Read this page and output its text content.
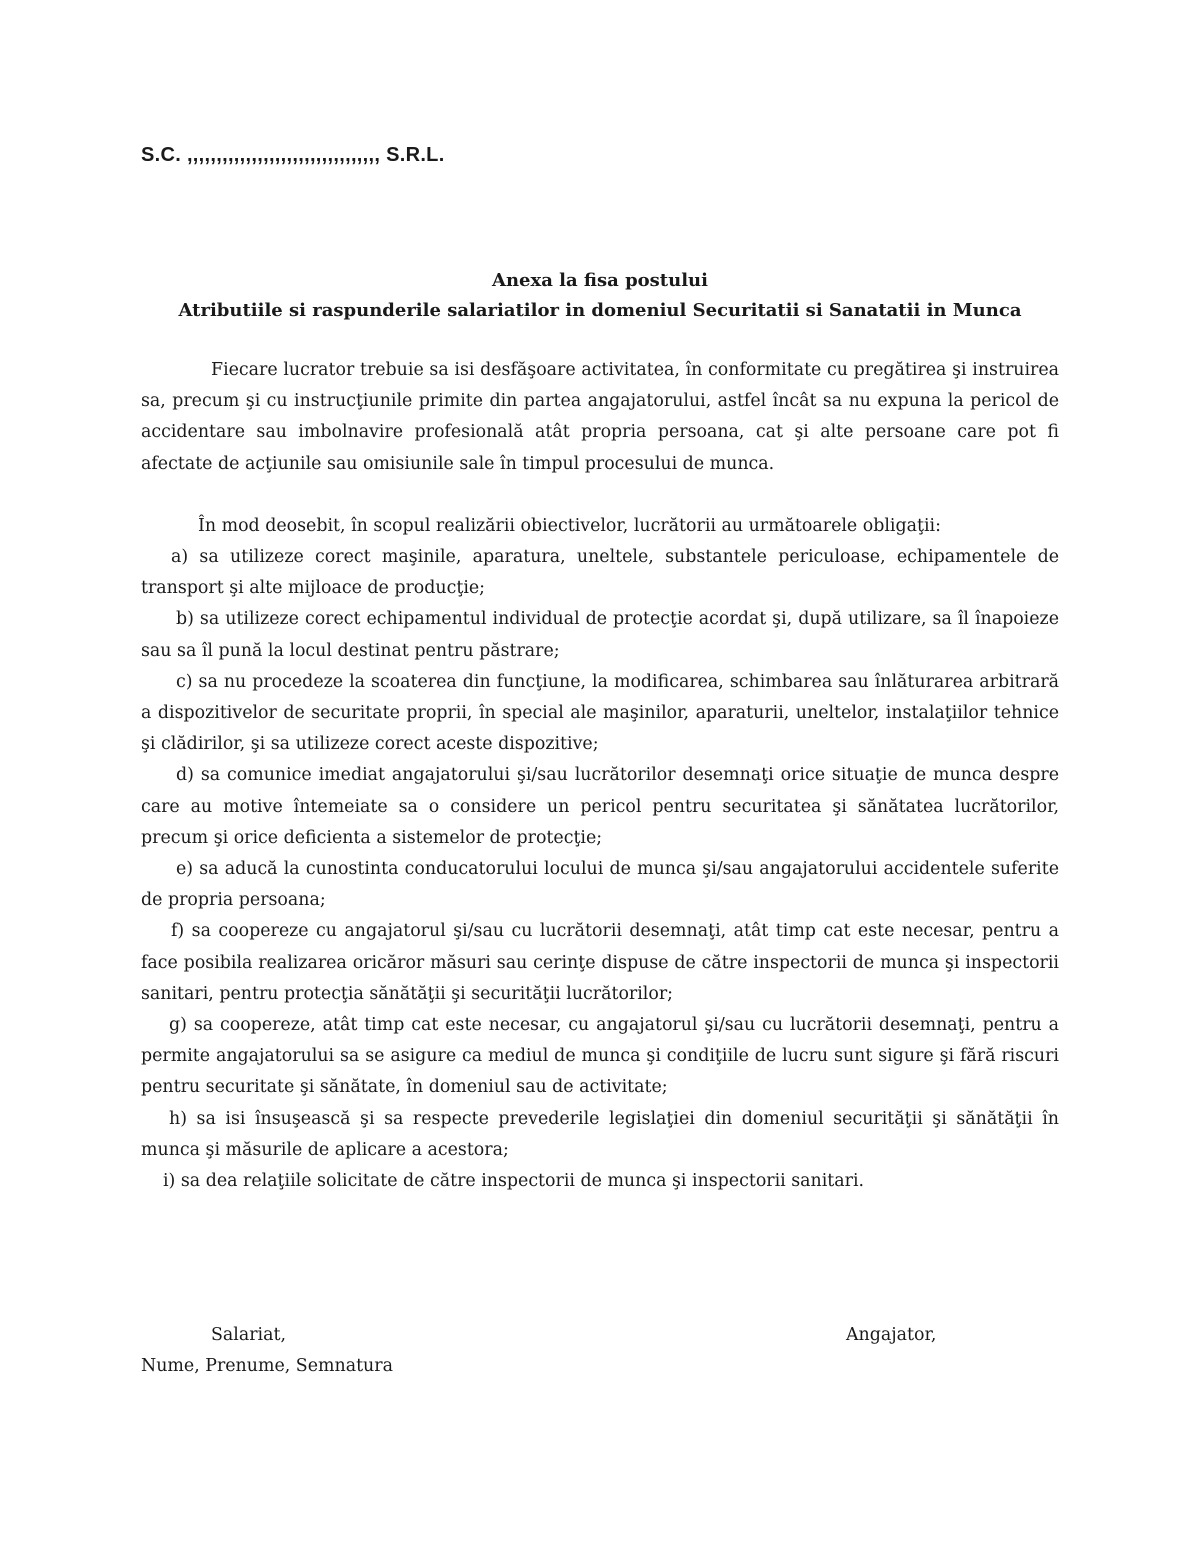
S.C. ,,,,,,,,,,,,,,,,,,,,,,,,,,,,,,,,, S.R.L.
Anexa la fisa postului
Atributiile si raspunderile salariatilor in domeniul Securitatii si Sanatatii in Munca

Fiecare lucrator trebuie sa isi desfăşoare activitatea, în conformitate cu pregătirea şi instruirea sa, precum şi cu instrucţiunile primite din partea angajatorului, astfel încât sa nu expuna la pericol de accidentare sau imbolnavire profesională atât propria persoana, cat şi alte persoane care pot fi afectate de acţiunile sau omisiunile sale în timpul procesului de munca.

În mod deosebit, în scopul realizării obiectivelor, lucrătorii au următoarele obligaţii:

a) sa utilizeze corect maşinile, aparatura, uneltele, substantele periculoase, echipamentele de transport şi alte mijloace de producţie;

b) sa utilizeze corect echipamentul individual de protecţie acordat şi, după utilizare, sa îl înapoieze sau sa îl pună la locul destinat pentru păstrare;

c) sa nu procedeze la scoaterea din funcţiune, la modificarea, schimbarea sau înlăturarea arbitrară a dispozitivelor de securitate proprii, în special ale maşinilor, aparaturii, uneltelor, instalaţiilor tehnice şi clădirilor, şi sa utilizeze corect aceste dispozitive;

d) sa comunice imediat angajatorului şi/sau lucrătorilor desemnaţi orice situaţie de munca despre care au motive întemeiate sa o considere un pericol pentru securitatea şi sănătatea lucrătorilor, precum şi orice deficienta a sistemelor de protecţie;

e) sa aducă la cunostinta conducatorului locului de munca şi/sau angajatorului accidentele suferite de propria persoana;

f) sa coopereze cu angajatorul şi/sau cu lucrătorii desemnaţi, atât timp cat este necesar, pentru a face posibila realizarea oricăror măsuri sau cerinţe dispuse de către inspectorii de munca şi inspectorii sanitari, pentru protecţia sănătăţii şi securităţii lucrătorilor;

g) sa coopereze, atât timp cat este necesar, cu angajatorul şi/sau cu lucrătorii desemnaţi, pentru a permite angajatorului sa se asigure ca mediul de munca şi condiţiile de lucru sunt sigure şi fără riscuri pentru securitate şi sănătate, în domeniul sau de activitate;

h) sa isi însuşească şi sa respecte prevederile legislaţiei din domeniul securităţii şi sănătăţii în munca şi măsurile de aplicare a acestora;

i) sa dea relaţiile solicitate de către inspectorii de munca şi inspectorii sanitari.

Salariat,
Nume, Prenume, Semnatura
Angajator,
